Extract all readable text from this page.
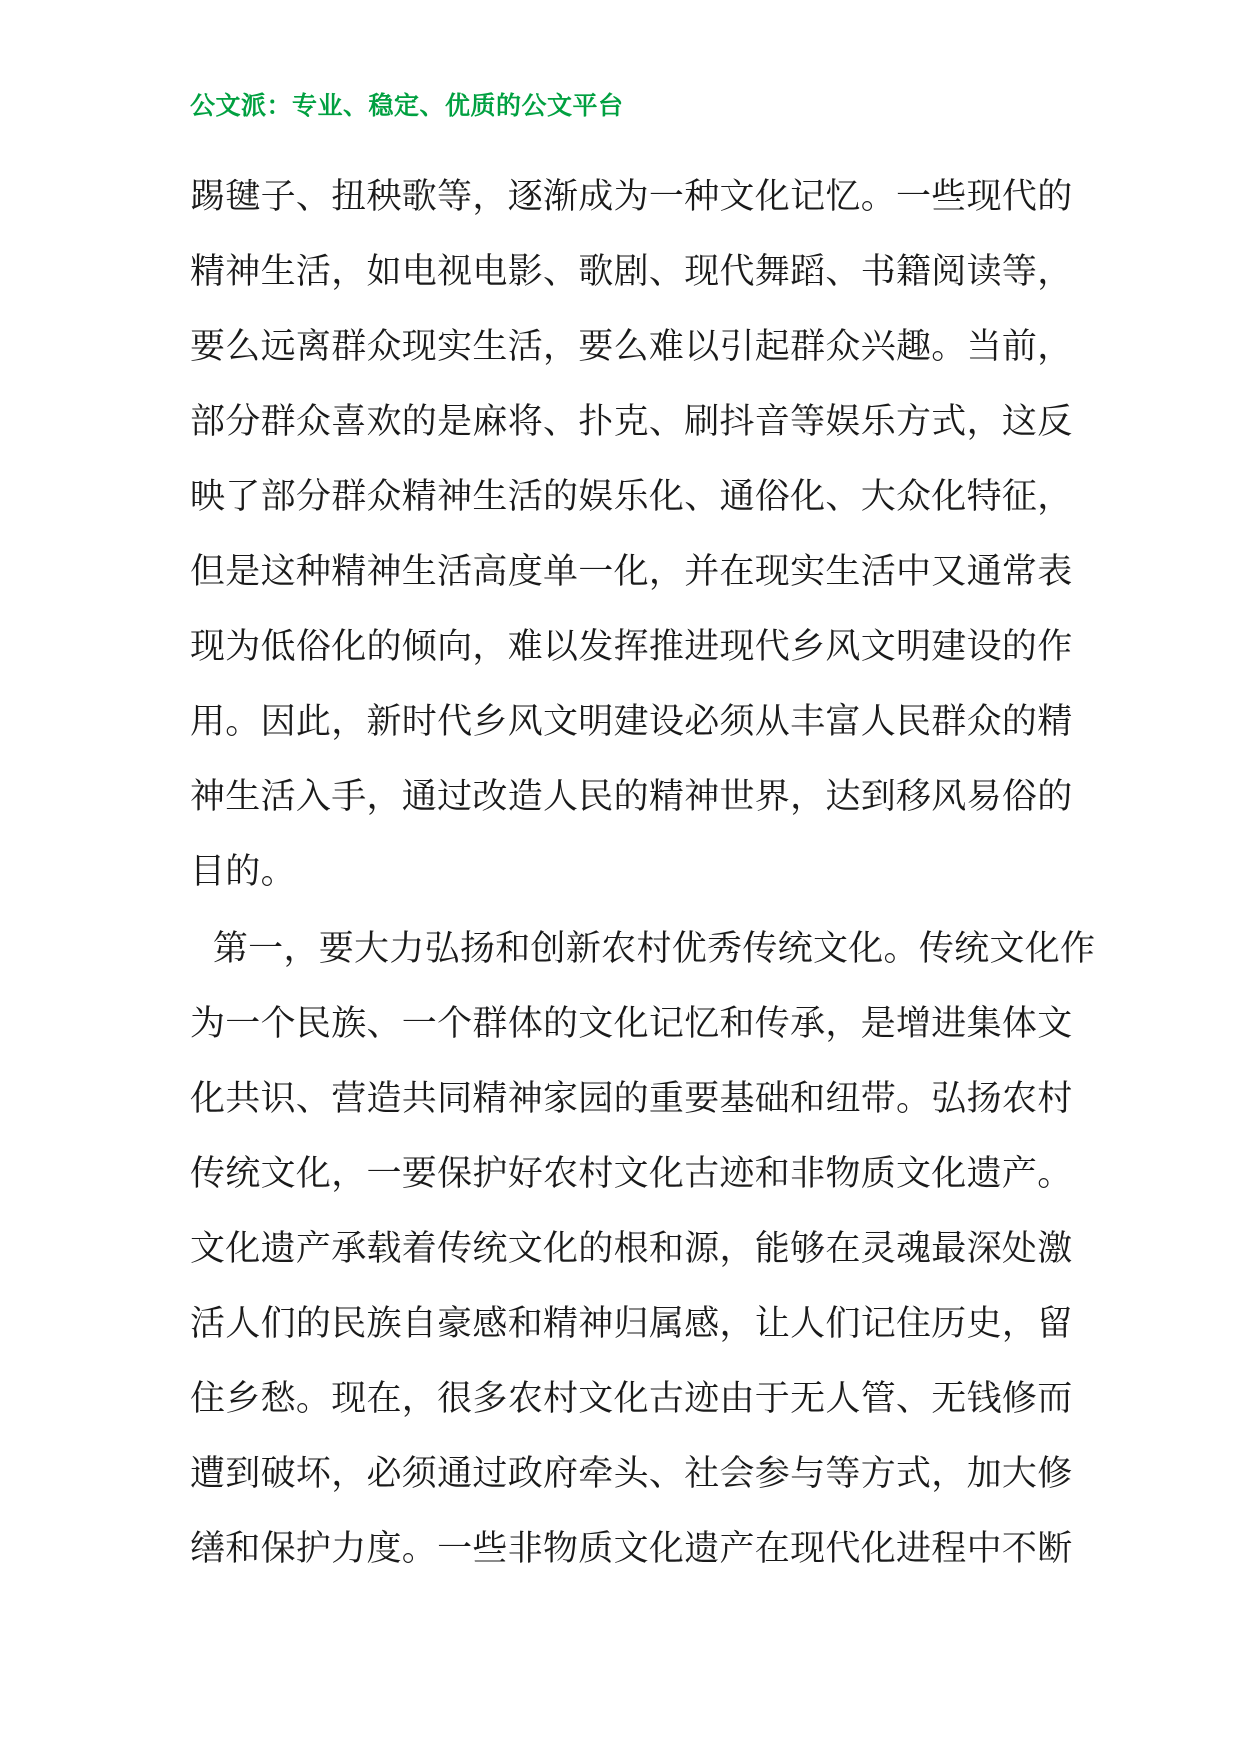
公文派：专业、稳定、优质的公文平台
踢毽子、扭秧歌等，逐渐成为一种文化记忆。一些现代的
精神生活，如电视电影、歌剧、现代舞蹈、书籍阅读等，
要么远离群众现实生活，要么难以引起群众兴趣。当前，
部分群众喜欢的是麻将、扑克、刷抖音等娱乐方式，这反
映了部分群众精神生活的娱乐化、通俗化、大众化特征，
但是这种精神生活高度单一化，并在现实生活中又通常表
现为低俗化的倾向，难以发挥推进现代乡风文明建设的作
用。因此，新时代乡风文明建设必须从丰富人民群众的精
神生活入手，通过改造人民的精神世界，达到移风易俗的
目的。
第一，要大力弘扬和创新农村优秀传统文化。传统文化作
为一个民族、一个群体的文化记忆和传承，是增进集体文
化共识、营造共同精神家园的重要基础和纽带。弘扬农村
传统文化，一要保护好农村文化古迹和非物质文化遗产。
文化遗产承载着传统文化的根和源，能够在灵魂最深处激
活人们的民族自豪感和精神归属感，让人们记住历史，留
住乡愁。现在，很多农村文化古迹由于无人管、无钱修而
遭到破坏，必须通过政府牵头、社会参与等方式，加大修
缮和保护力度。一些非物质文化遗产在现代化进程中不断
